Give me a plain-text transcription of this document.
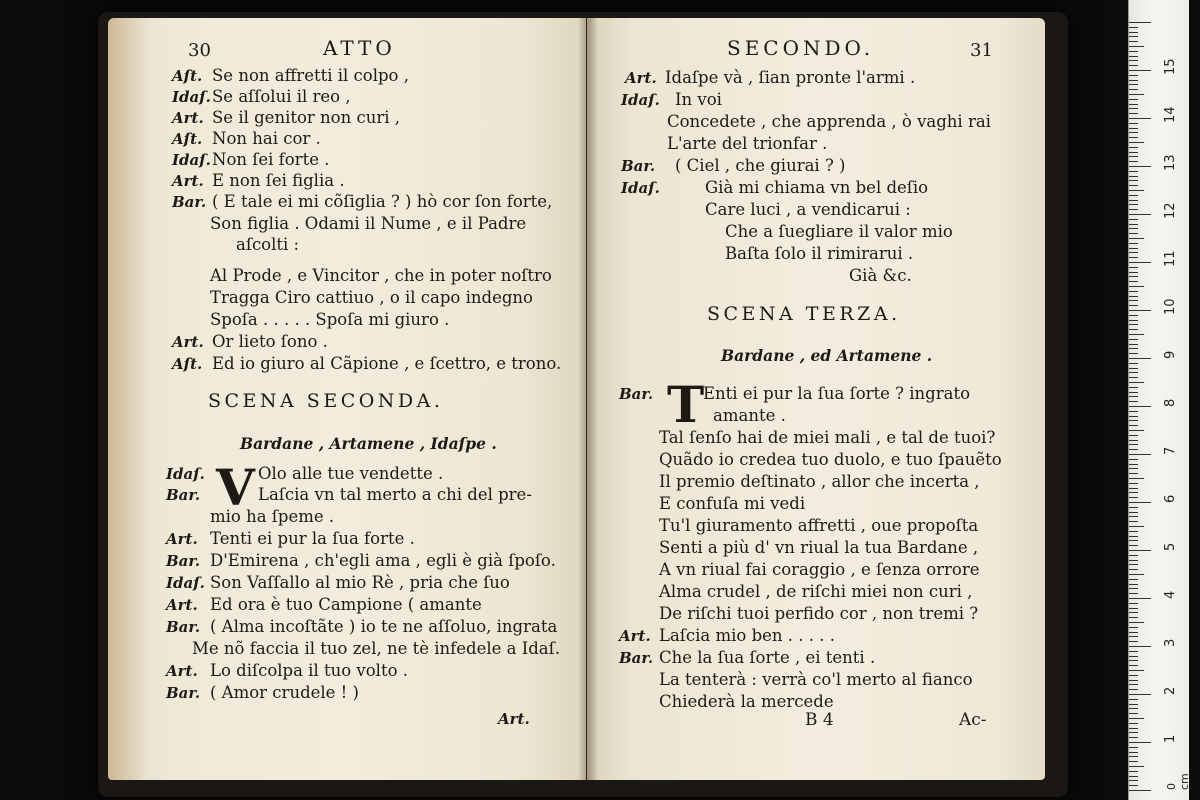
30	ATTO
Aſt. Se non affretti il colpo ,
Idaſ. Se aſſolui il reo ,
Art. Se il genitor non curi ,
Aſt. Non hai cor .
Idaſ. Non ſei forte .
Art. E non ſei figlia .
Bar. ( E tale ei mi cõſiglia ? ) hò cor ſon forte,
Son figlia . Odami il Nume , e il Padre
aſcolti :
Al Prode , e Vincitor , che in poter noſtro
Tragga Ciro cattiuo , o il capo indegno
Spoſa . . . . . Spoſa mi giuro .
Art. Or lieto ſono .
Aſt. Ed io giuro al Cãpione , e ſcettro, e trono.
SCENA SECONDA.
Bardane , Artamene , Idaſpe .
V
Idaſ.	Olo alle tue vendette .
Bar.	Laſcia vn tal merto a chi del pre-
mio ha ſpeme .
Art. Tenti ei pur la ſua forte .
Bar. D'Emirena , ch'egli ama , egli è già ſpoſo.
Idaſ. Son Vaſſallo al mio Rè , pria che ſuo
Art. Ed ora è tuo Campione ( amante
Bar. ( Alma incoſtãte ) io te ne aſſoluo, ingrata
Me nõ faccia il tuo zel, ne tè infedele a Idaſ.
Art. Lo diſcolpa il tuo volto .
Bar. ( Amor crudele ! )
Art.
SECONDO.	31
Art. Idaſpe và , ſian pronte l'armi .
Idaſ. In voi
Concedete , che apprenda , ò vaghi rai
L'arte del trionfar .
Bar. ( Ciel , che giurai ? )
Idaſ.	Già mi chiama vn bel deſio
Care luci , a vendicarui :
Che a ſuegliare il valor mio
Baſta ſolo il rimirarui .
Già &c.
SCENA TERZA.
Bardane , ed Artamene .
T
Bar.	Enti ei pur la ſua ſorte ? ingrato
amante .
Tal ſenſo hai de miei mali , e tal de tuoi?
Quãdo io credea tuo duolo, e tuo ſpauẽto
Il premio deſtinato , allor che incerta ,
E confuſa mi vedi
Tu'l giuramento affretti , oue propoſta
Senti a più d' vn riual la tua Bardane ,
A vn riual fai coraggio , e ſenza orrore
Alma crudel , de riſchi miei non curi ,
De riſchi tuoi perfido cor , non tremi ?
Art. Laſcia mio ben . . . . .
Bar. Che la ſua ſorte , ei tenti .
La tenterà : verrà co'l merto al fianco
Chiederà la mercede
B 4	Ac-
1
2
3
4
5
6
7
8
9
10
11
12
13
14
15
0 cm
